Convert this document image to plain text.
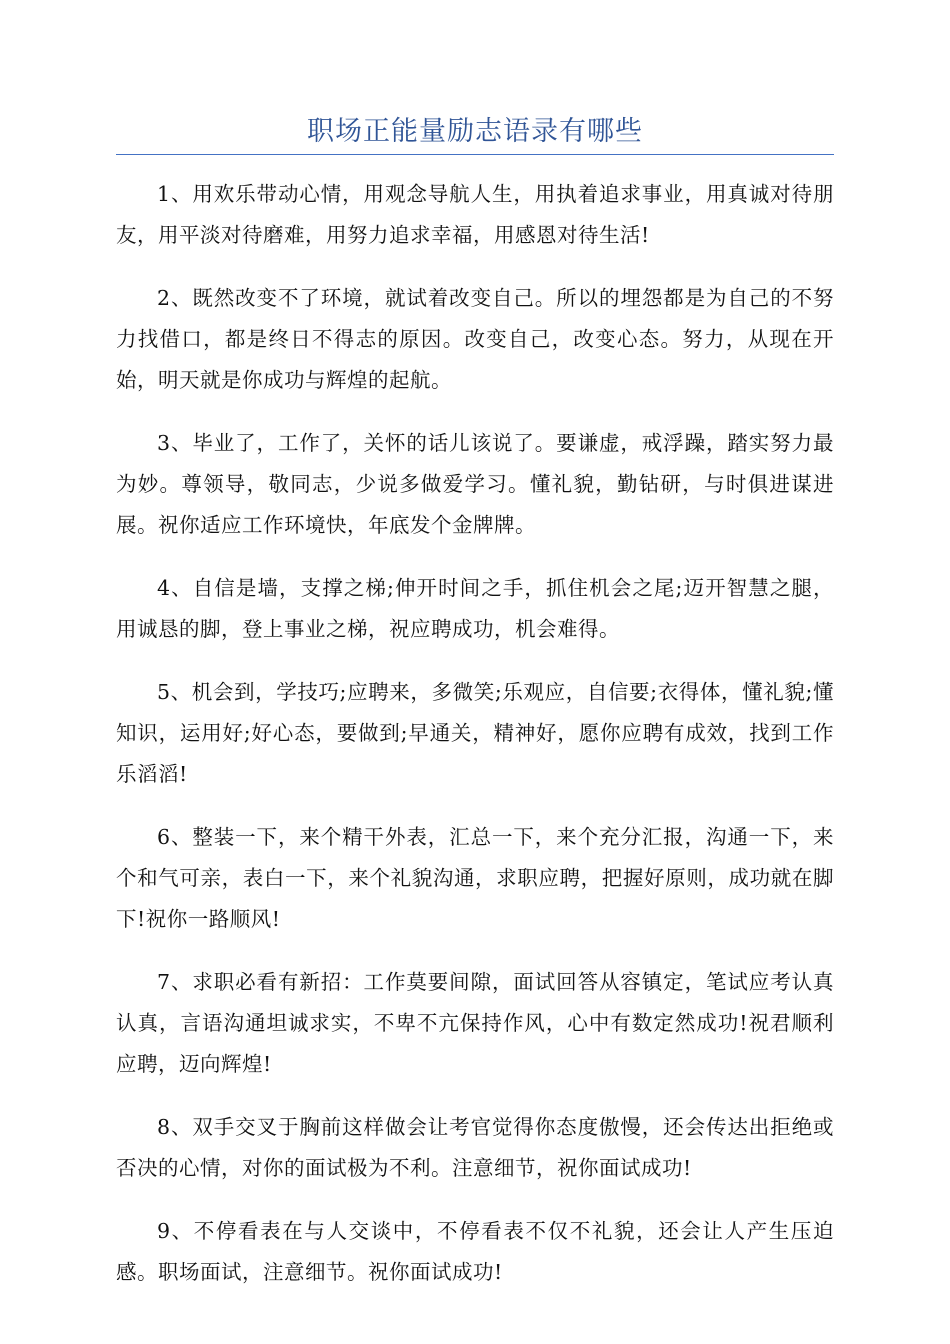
职场正能量励志语录有哪些

1、用欢乐带动心情，用观念导航人生，用执着追求事业，用真诚对待朋友，用平淡对待磨难，用努力追求幸福，用感恩对待生活!

2、既然改变不了环境，就试着改变自己。所以的埋怨都是为自己的不努力找借口，都是终日不得志的原因。改变自己，改变心态。努力，从现在开始，明天就是你成功与辉煌的起航。

3、毕业了，工作了，关怀的话儿该说了。要谦虚，戒浮躁，踏实努力最为妙。尊领导，敬同志，少说多做爱学习。懂礼貌，勤钻研，与时俱进谋进展。祝你适应工作环境快，年底发个金牌牌。

4、自信是墙，支撑之梯;伸开时间之手，抓住机会之尾;迈开智慧之腿，用诚恳的脚，登上事业之梯，祝应聘成功，机会难得。

5、机会到，学技巧;应聘来，多微笑;乐观应，自信要;衣得体，懂礼貌;懂知识，运用好;好心态，要做到;早通关，精神好，愿你应聘有成效，找到工作乐滔滔!

6、整装一下，来个精干外表，汇总一下，来个充分汇报，沟通一下，来个和气可亲，表白一下，来个礼貌沟通，求职应聘，把握好原则，成功就在脚下!祝你一路顺风!

7、求职必看有新招：工作莫要间隙，面试回答从容镇定，笔试应考认真认真，言语沟通坦诚求实，不卑不亢保持作风，心中有数定然成功!祝君顺利应聘，迈向辉煌!

8、双手交叉于胸前这样做会让考官觉得你态度傲慢，还会传达出拒绝或否决的心情，对你的面试极为不利。注意细节，祝你面试成功!

9、不停看表在与人交谈中，不停看表不仅不礼貌，还会让人产生压迫感。职场面试，注意细节。祝你面试成功!
